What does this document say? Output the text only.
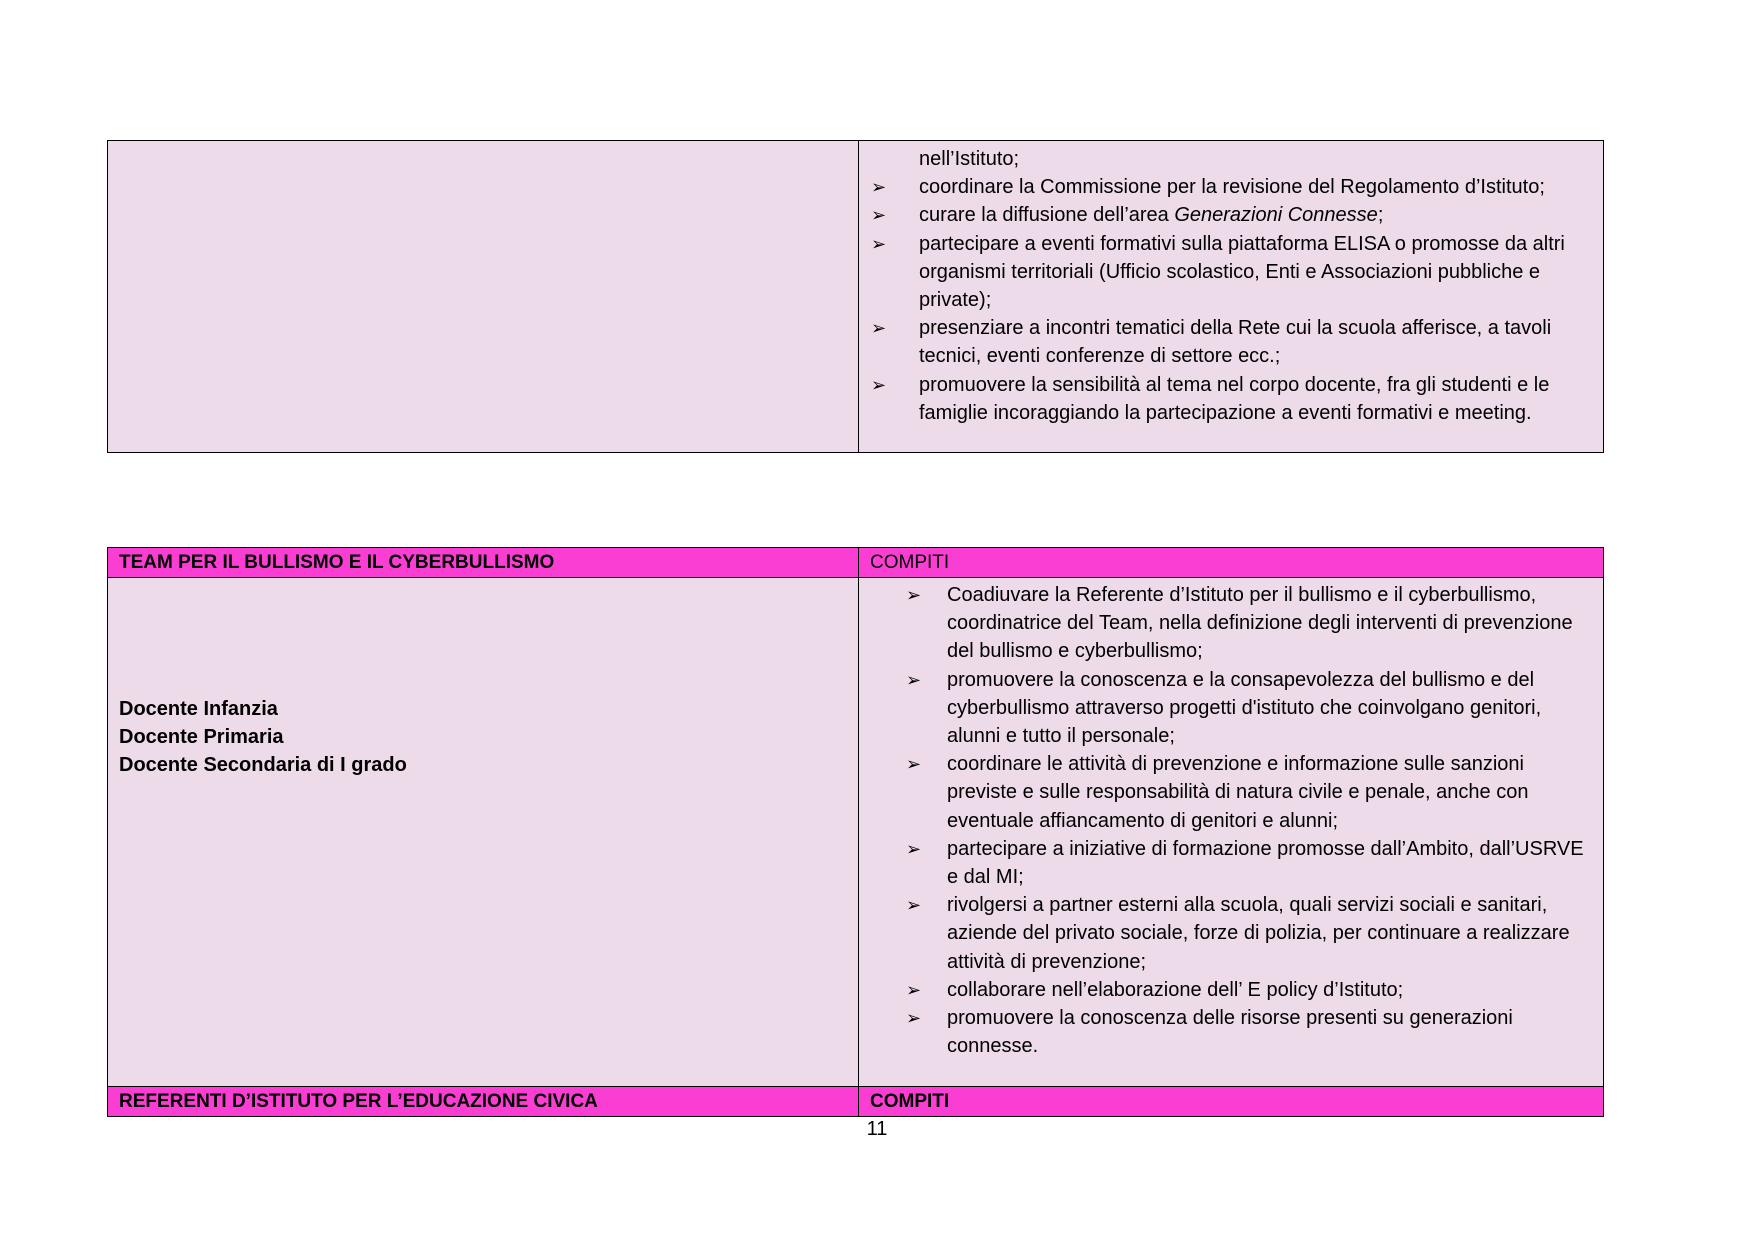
nell’Istituto;
➢ coordinare la Commissione per la revisione del Regolamento d’Istituto;
➢ curare la diffusione dell’area Generazioni Connesse;
➢ partecipare a eventi formativi sulla piattaforma ELISA o promosse da altri organismi territoriali (Ufficio scolastico, Enti e Associazioni pubbliche e private);
➢ presenziare a incontri tematici della Rete cui la scuola afferisce, a tavoli tecnici, eventi conferenze di settore ecc.;
➢ promuovere la sensibilità al tema nel corpo docente, fra gli studenti e le famiglie incoraggiando la partecipazione a eventi formativi e meeting.
TEAM PER IL BULLISMO E IL CYBERBULLISMO	COMPITI
Docente Infanzia
Docente Primaria
Docente Secondaria di I grado
➢ Coadiuvare la Referente d’Istituto per il bullismo e il cyberbullismo, coordinatrice del Team, nella definizione degli interventi di prevenzione del bullismo e cyberbullismo;
➢ promuovere la conoscenza e la consapevolezza del bullismo e del cyberbullismo attraverso progetti d'istituto che coinvolgano genitori, alunni e tutto il personale;
➢ coordinare le attività di prevenzione e informazione sulle sanzioni previste e sulle responsabilità di natura civile e penale, anche con eventuale affiancamento di genitori e alunni;
➢ partecipare a iniziative di formazione promosse dall’Ambito, dall’USRVE e dal MI;
➢ rivolgersi a partner esterni alla scuola, quali servizi sociali e sanitari, aziende del privato sociale, forze di polizia, per continuare a realizzare attività di prevenzione;
➢ collaborare nell’elaborazione dell’ E policy d’Istituto;
➢ promuovere la conoscenza delle risorse presenti su generazioni connesse.
REFERENTI D’ISTITUTO PER L’EDUCAZIONE CIVICA	COMPITI
11
